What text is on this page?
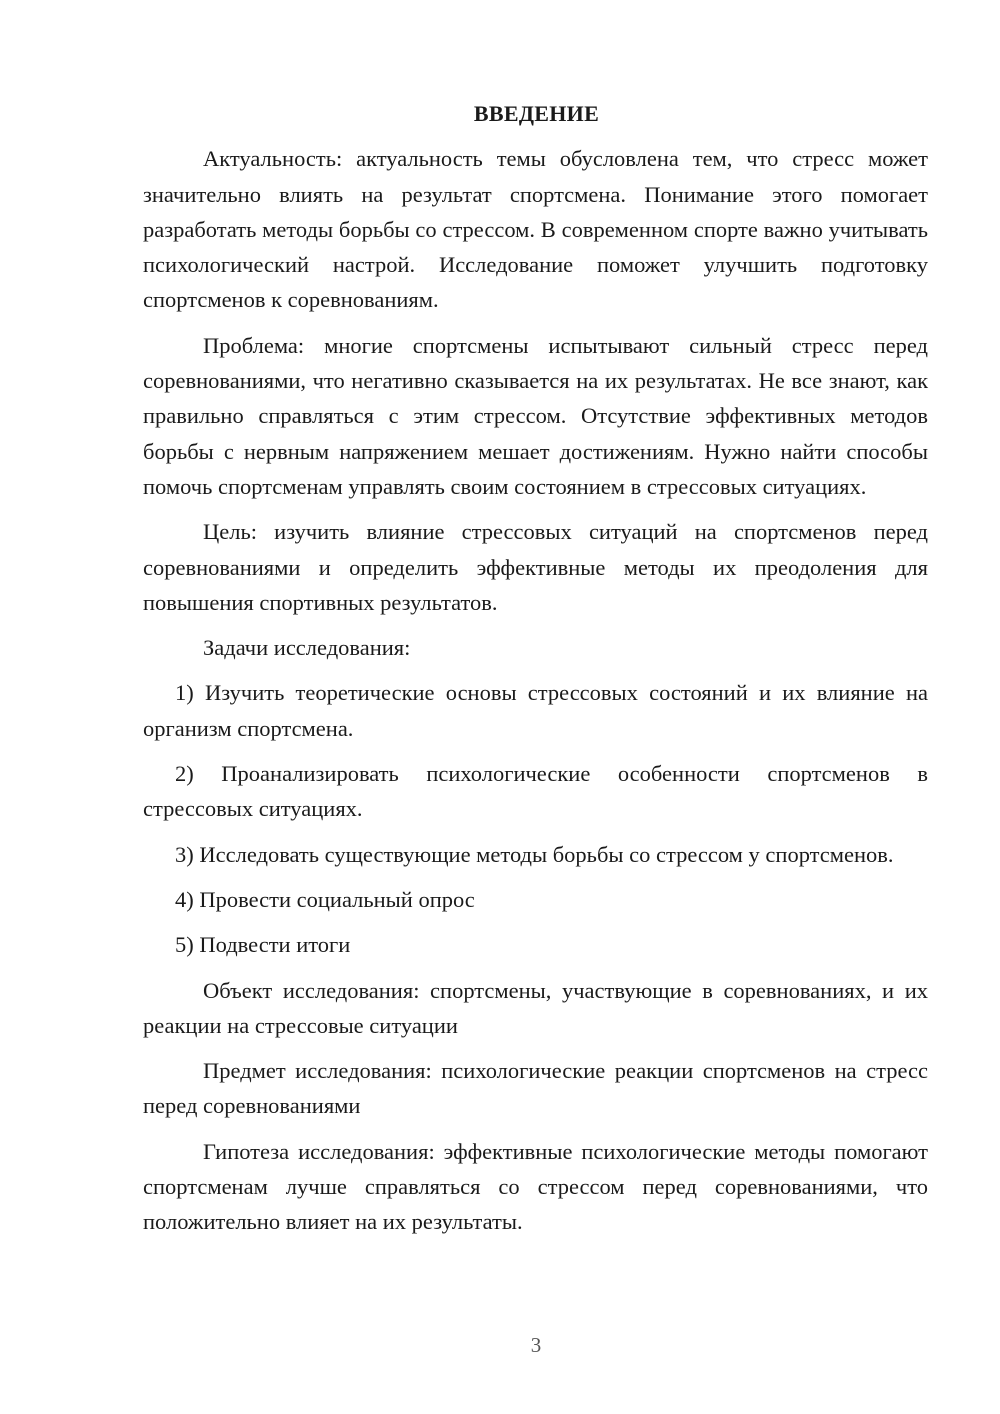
ВВЕДЕНИЕ

Актуальность: актуальность темы обусловлена тем, что стресс может значительно влиять на результат спортсмена. Понимание этого помогает разработать методы борьбы со стрессом. В современном спорте важно учитывать психологический настрой. Исследование поможет улучшить подготовку спортсменов к соревнованиям.

Проблема: многие спортсмены испытывают сильный стресс перед соревнованиями, что негативно сказывается на их результатах. Не все знают, как правильно справляться с этим стрессом. Отсутствие эффективных методов борьбы с нервным напряжением мешает достижениям. Нужно найти способы помочь спортсменам управлять своим состоянием в стрессовых ситуациях.

Цель: изучить влияние стрессовых ситуаций на спортсменов перед соревнованиями и определить эффективные методы их преодоления для повышения спортивных результатов.

Задачи исследования:

1) Изучить теоретические основы стрессовых состояний и их влияние на организм спортсмена.

2) Проанализировать психологические особенности спортсменов в стрессовых ситуациях.

3) Исследовать существующие методы борьбы со стрессом у спортсменов.

4) Провести социальный опрос

5) Подвести итоги

Объект исследования: спортсмены, участвующие в соревнованиях, и их реакции на стрессовые ситуации

Предмет исследования: психологические реакции спортсменов на стресс перед соревнованиями

Гипотеза исследования: эффективные психологические методы помогают спортсменам лучше справляться со стрессом перед соревнованиями, что положительно влияет на их результаты.

3
